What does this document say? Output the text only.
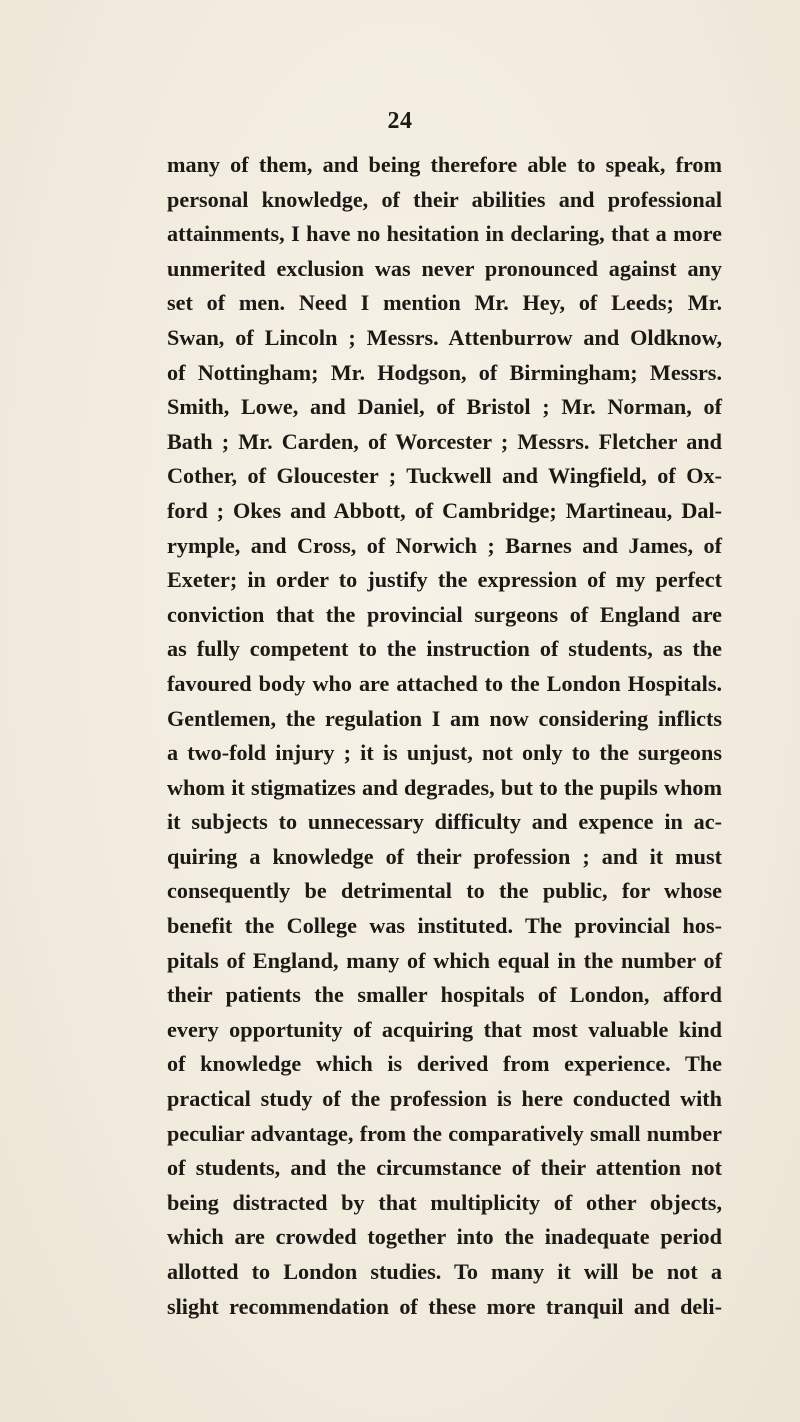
24
many of them, and being therefore able to speak, from
personal knowledge, of their abilities and professional
attainments, I have no hesitation in declaring, that a more
unmerited exclusion was never pronounced against any
set of men. Need I mention Mr. Hey, of Leeds; Mr.
Swan, of Lincoln ; Messrs. Attenburrow and Oldknow,
of Nottingham; Mr. Hodgson, of Birmingham; Messrs.
Smith, Lowe, and Daniel, of Bristol ; Mr. Norman, of
Bath ; Mr. Carden, of Worcester ; Messrs. Fletcher and
Cother, of Gloucester ; Tuckwell and Wingfield, of Ox-
ford ; Okes and Abbott, of Cambridge; Martineau, Dal-
rymple, and Cross, of Norwich ; Barnes and James, of
Exeter; in order to justify the expression of my perfect
conviction that the provincial surgeons of England are
as fully competent to the instruction of students, as the
favoured body who are attached to the London Hospitals.
Gentlemen, the regulation I am now considering inflicts
a two-fold injury ; it is unjust, not only to the surgeons
whom it stigmatizes and degrades, but to the pupils whom
it subjects to unnecessary difficulty and expence in ac-
quiring a knowledge of their profession ; and it must
consequently be detrimental to the public, for whose
benefit the College was instituted. The provincial hos-
pitals of England, many of which equal in the number of
their patients the smaller hospitals of London, afford
every opportunity of acquiring that most valuable kind
of knowledge which is derived from experience. The
practical study of the profession is here conducted with
peculiar advantage, from the comparatively small number
of students, and the circumstance of their attention not
being distracted by that multiplicity of other objects,
which are crowded together into the inadequate period
allotted to London studies. To many it will be not a
slight recommendation of these more tranquil and deli-
